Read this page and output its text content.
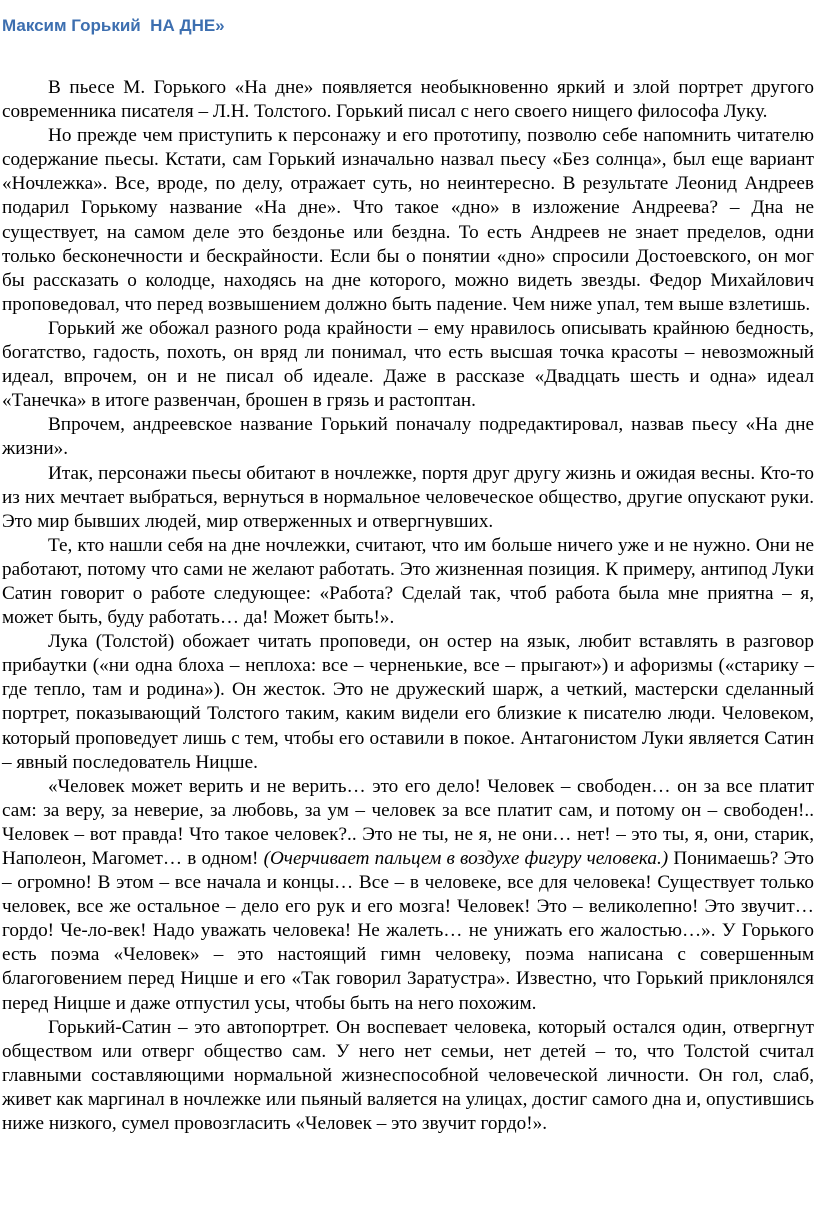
Максим Горький  НА ДНЕ»

В пьесе М. Горького «На дне» появляется необыкновенно яркий и злой портрет другого современника писателя – Л.Н. Толстого. Горький писал с него своего нищего философа Луку.

Но прежде чем приступить к персонажу и его прототипу, позволю себе напомнить читателю содержание пьесы. Кстати, сам Горький изначально назвал пьесу «Без солнца», был еще вариант «Ночлежка». Все, вроде, по делу, отражает суть, но неинтересно. В результате Леонид Андреев подарил Горькому название «На дне». Что такое «дно» в изложение Андреева? – Дна не существует, на самом деле это бездонье или бездна. То есть Андреев не знает пределов, одни только бесконечности и бескрайности. Если бы о понятии «дно» спросили Достоевского, он мог бы рассказать о колодце, находясь на дне которого, можно видеть звезды. Федор Михайлович проповедовал, что перед возвышением должно быть падение. Чем ниже упал, тем выше взлетишь.

Горький же обожал разного рода крайности – ему нравилось описывать крайнюю бедность, богатство, гадость, похоть, он вряд ли понимал, что есть высшая точка красоты – невозможный идеал, впрочем, он и не писал об идеале. Даже в рассказе «Двадцать шесть и одна» идеал «Танечка» в итоге развенчан, брошен в грязь и растоптан.

Впрочем, андреевское название Горький поначалу подредактировал, назвав пьесу «На дне жизни».

Итак, персонажи пьесы обитают в ночлежке, портя друг другу жизнь и ожидая весны. Кто-то из них мечтает выбраться, вернуться в нормальное человеческое общество, другие опускают руки. Это мир бывших людей, мир отверженных и отвергнувших.

Те, кто нашли себя на дне ночлежки, считают, что им больше ничего уже и не нужно. Они не работают, потому что сами не желают работать. Это жизненная позиция. К примеру, антипод Луки Сатин говорит о работе следующее: «Работа? Сделай так, чтоб работа была мне приятна – я, может быть, буду работать… да! Может быть!».

Лука (Толстой) обожает читать проповеди, он остер на язык, любит вставлять в разговор прибаутки («ни одна блоха – неплоха: все – черненькие, все – прыгают») и афоризмы («старику – где тепло, там и родина»). Он жесток. Это не дружеский шарж, а четкий, мастерски сделанный портрет, показывающий Толстого таким, каким видели его близкие к писателю люди. Человеком, который проповедует лишь с тем, чтобы его оставили в покое. Антагонистом Луки является Сатин – явный последователь Ницше.

«Человек может верить и не верить… это его дело! Человек – свободен… он за все платит сам: за веру, за неверие, за любовь, за ум – человек за все платит сам, и потому он – свободен!.. Человек – вот правда! Что такое человек?.. Это не ты, не я, не они… нет! – это ты, я, они, старик, Наполеон, Магомет… в одном! (Очерчивает пальцем в воздухе фигуру человека.) Понимаешь? Это – огромно! В этом – все начала и концы… Все – в человеке, все для человека! Существует только человек, все же остальное – дело его рук и его мозга! Человек! Это – великолепно! Это звучит… гордо! Че-ло-век! Надо уважать человека! Не жалеть… не унижать его жалостью…». У Горького есть поэма «Человек» – это настоящий гимн человеку, поэма написана с совершенным благоговением перед Ницше и его «Так говорил Заратустра». Известно, что Горький приклонялся перед Ницше и даже отпустил усы, чтобы быть на него похожим.

Горький-Сатин – это автопортрет. Он воспевает человека, который остался один, отвергнут обществом или отверг общество сам. У него нет семьи, нет детей – то, что Толстой считал главными составляющими нормальной жизнеспособной человеческой личности. Он гол, слаб, живет как маргинал в ночлежке или пьяный валяется на улицах, достиг самого дна и, опустившись ниже низкого, сумел провозгласить «Человек – это звучит гордо!».
